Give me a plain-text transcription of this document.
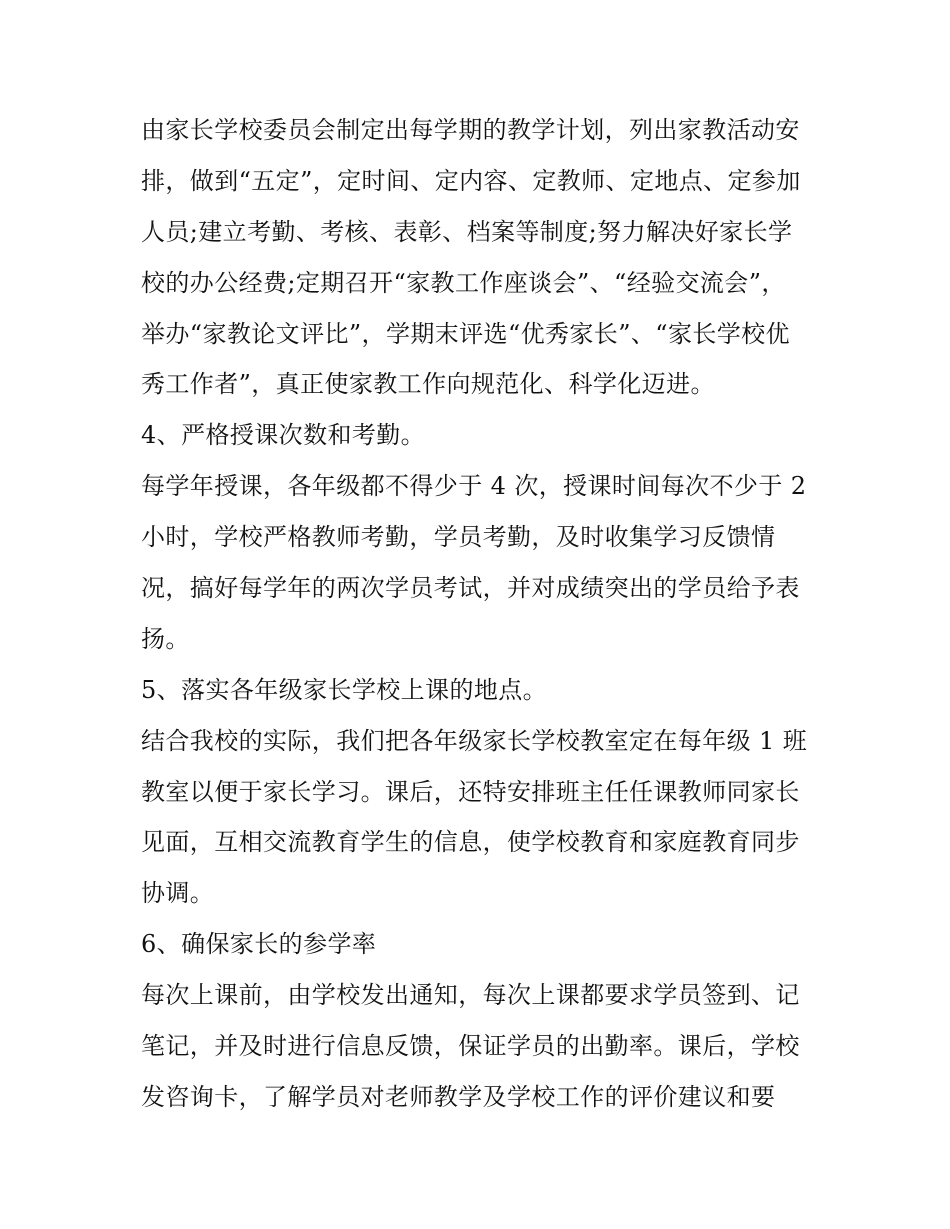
由家长学校委员会制定出每学期的教学计划，列出家教活动安
排，做到“五定”，定时间、定内容、定教师、定地点、定参加
人员;建立考勤、考核、表彰、档案等制度;努力解决好家长学
校的办公经费;定期召开“家教工作座谈会”、“经验交流会”，
举办“家教论文评比”，学期末评选“优秀家长”、“家长学校优
秀工作者”，真正使家教工作向规范化、科学化迈进。
4、严格授课次数和考勤。
每学年授课，各年级都不得少于 4 次，授课时间每次不少于 2
小时，学校严格教师考勤，学员考勤，及时收集学习反馈情
况，搞好每学年的两次学员考试，并对成绩突出的学员给予表
扬。
5、落实各年级家长学校上课的地点。
结合我校的实际，我们把各年级家长学校教室定在每年级 1 班
教室以便于家长学习。课后，还特安排班主任任课教师同家长
见面，互相交流教育学生的信息，使学校教育和家庭教育同步
协调。
6、确保家长的参学率
每次上课前，由学校发出通知，每次上课都要求学员签到、记
笔记，并及时进行信息反馈，保证学员的出勤率。课后，学校
发咨询卡，了解学员对老师教学及学校工作的评价建议和要
